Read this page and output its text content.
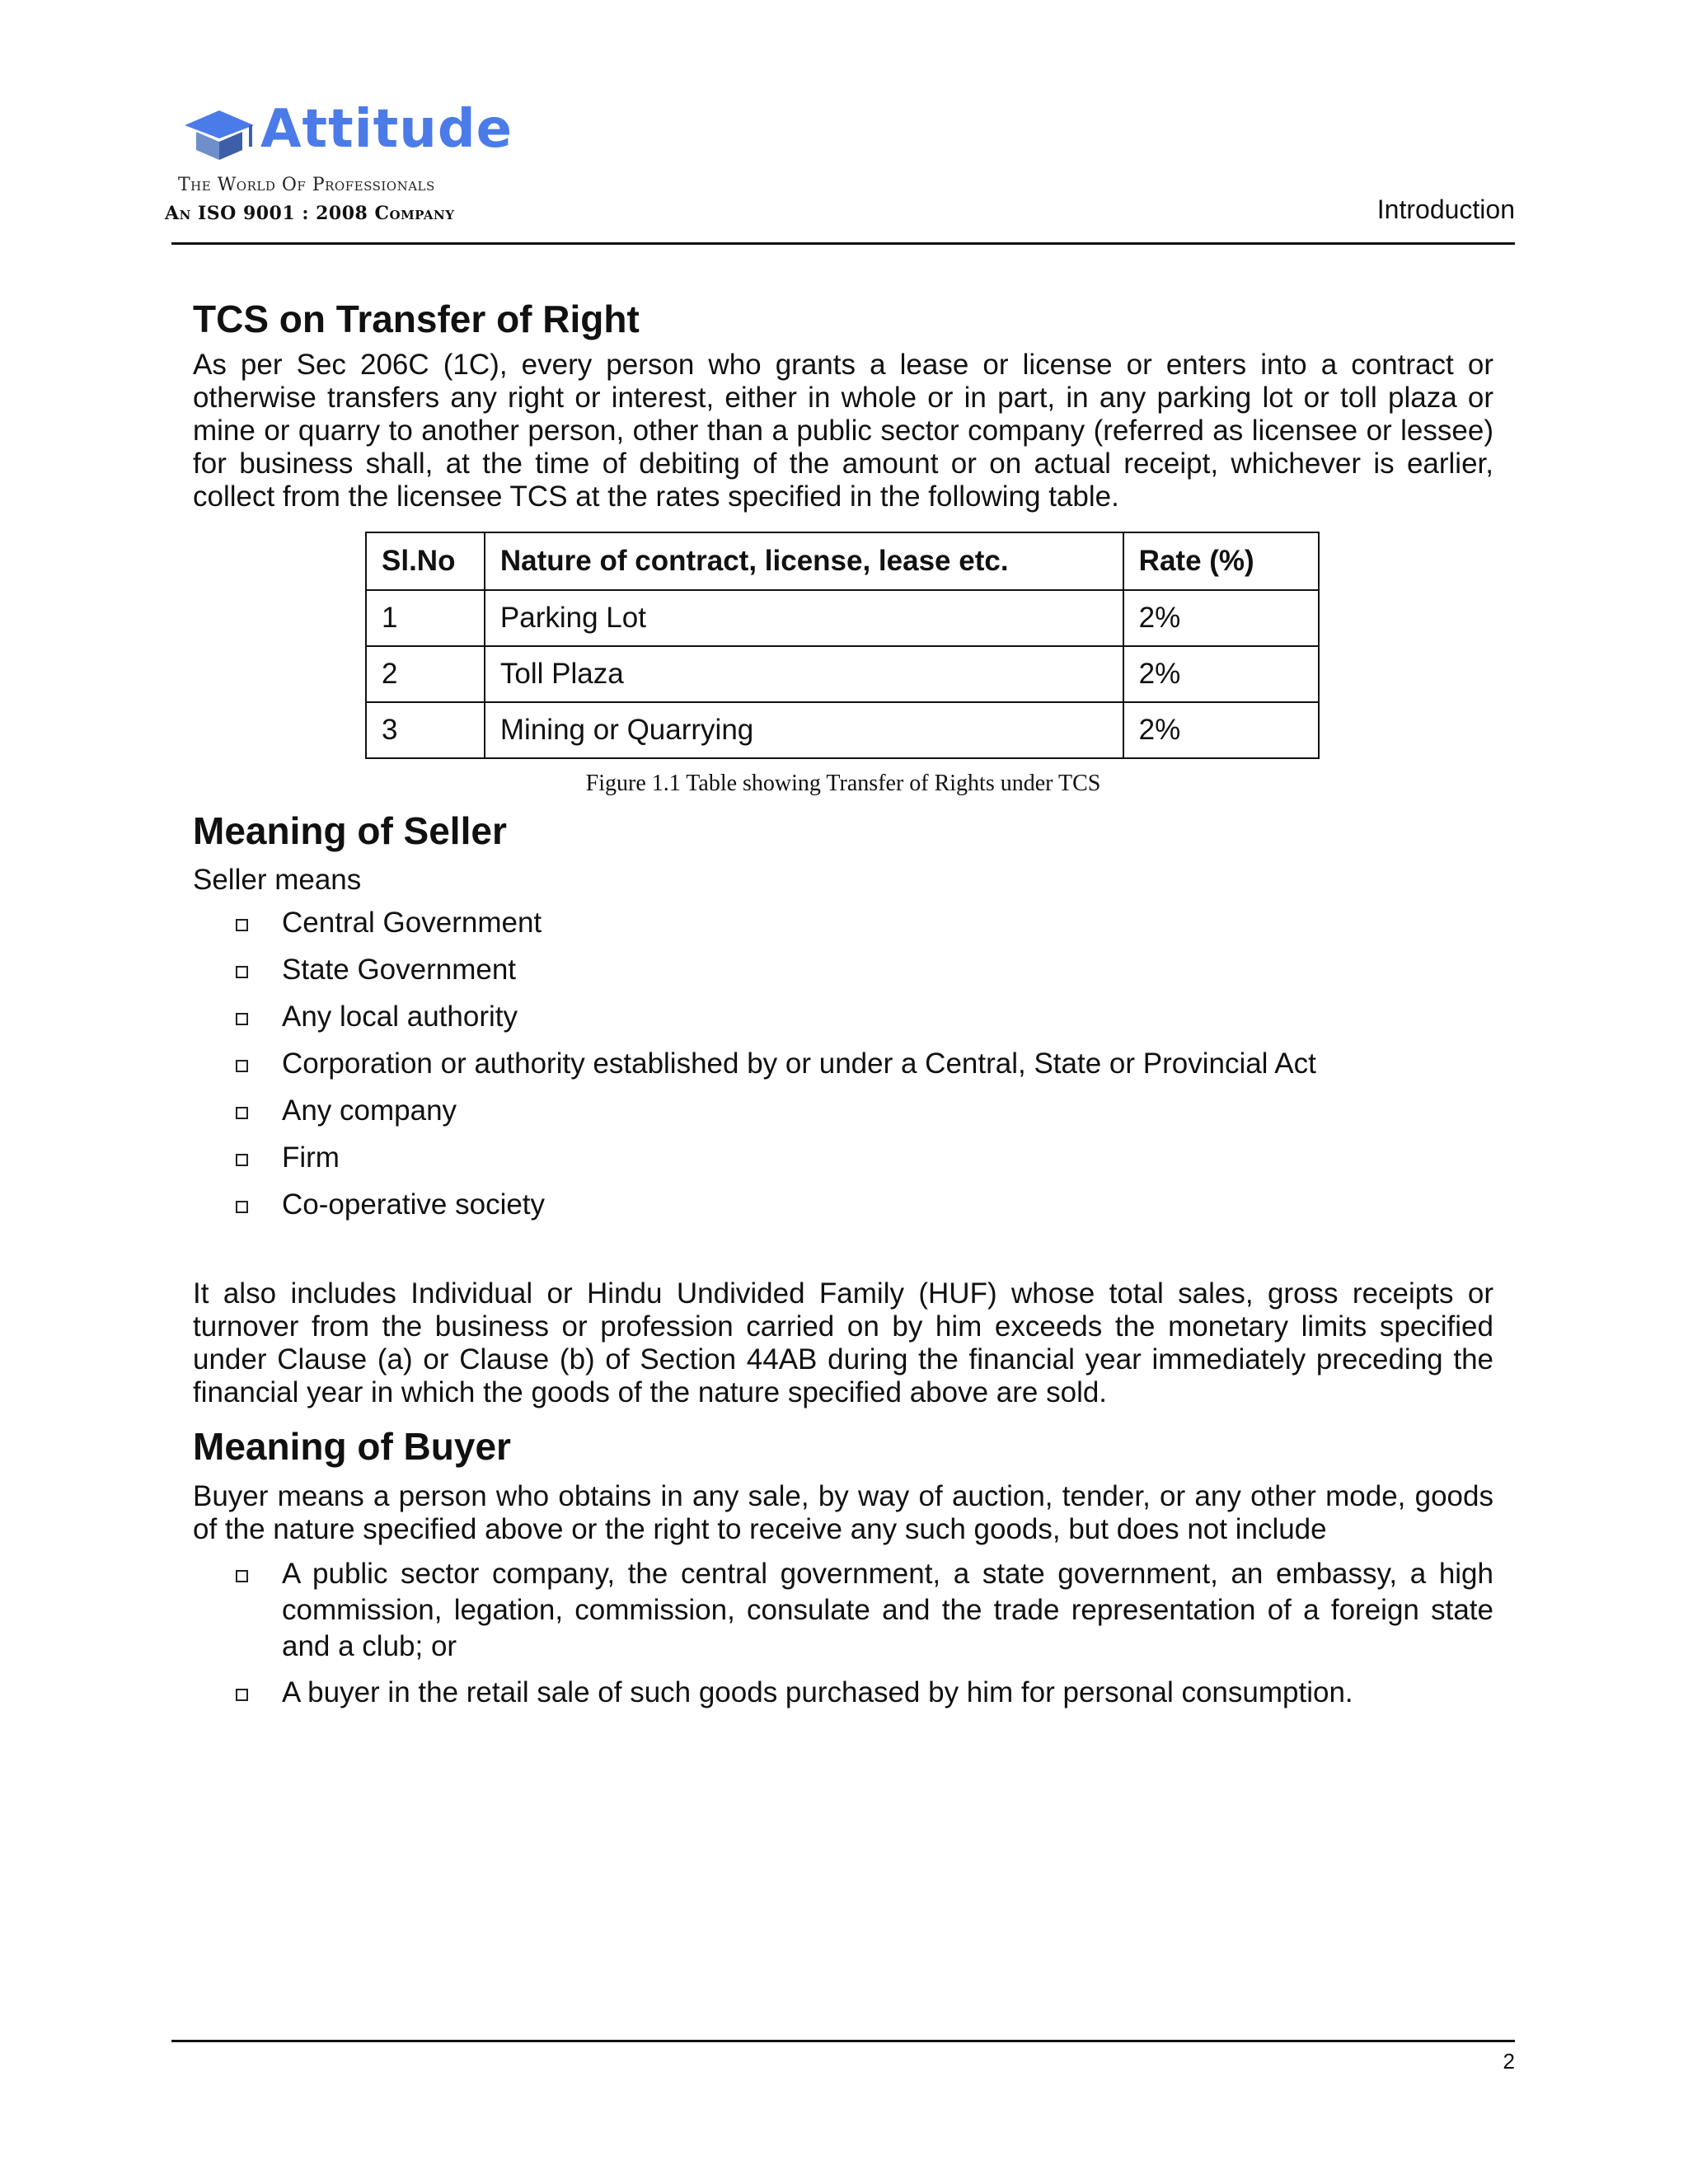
Attitude
The World Of Professionals
An ISO 9001 : 2008 Company	Introduction
TCS on Transfer of Right

As per Sec 206C (1C), every person who grants a lease or license or enters into a contract or otherwise transfers any right or interest, either in whole or in part, in any parking lot or toll plaza or mine or quarry to another person, other than a public sector company (referred as licensee or lessee) for business shall, at the time of debiting of the amount or on actual receipt, whichever is earlier, collect from the licensee TCS at the rates specified in the following table.

Sl.No	Nature of contract, license, lease etc.	Rate (%)
1	Parking Lot	2%
2	Toll Plaza	2%
3	Mining or Quarrying	2%
Figure 1.1 Table showing Transfer of Rights under TCS
Meaning of Seller

Seller means

Central Government
State Government
Any local authority
Corporation or authority established by or under a Central, State or Provincial Act
Any company
Firm
Co-operative society

It also includes Individual or Hindu Undivided Family (HUF) whose total sales, gross receipts or turnover from the business or profession carried on by him exceeds the monetary limits specified under Clause (a) or Clause (b) of Section 44AB during the financial year immediately preceding the financial year in which the goods of the nature specified above are sold.

Meaning of Buyer

Buyer means a person who obtains in any sale, by way of auction, tender, or any other mode, goods of the nature specified above or the right to receive any such goods, but does not include

A public sector company, the central government, a state government, an embassy, a high commission, legation, commission, consulate and the trade representation of a foreign state and a club; or
A buyer in the retail sale of such goods purchased by him for personal consumption.
2
